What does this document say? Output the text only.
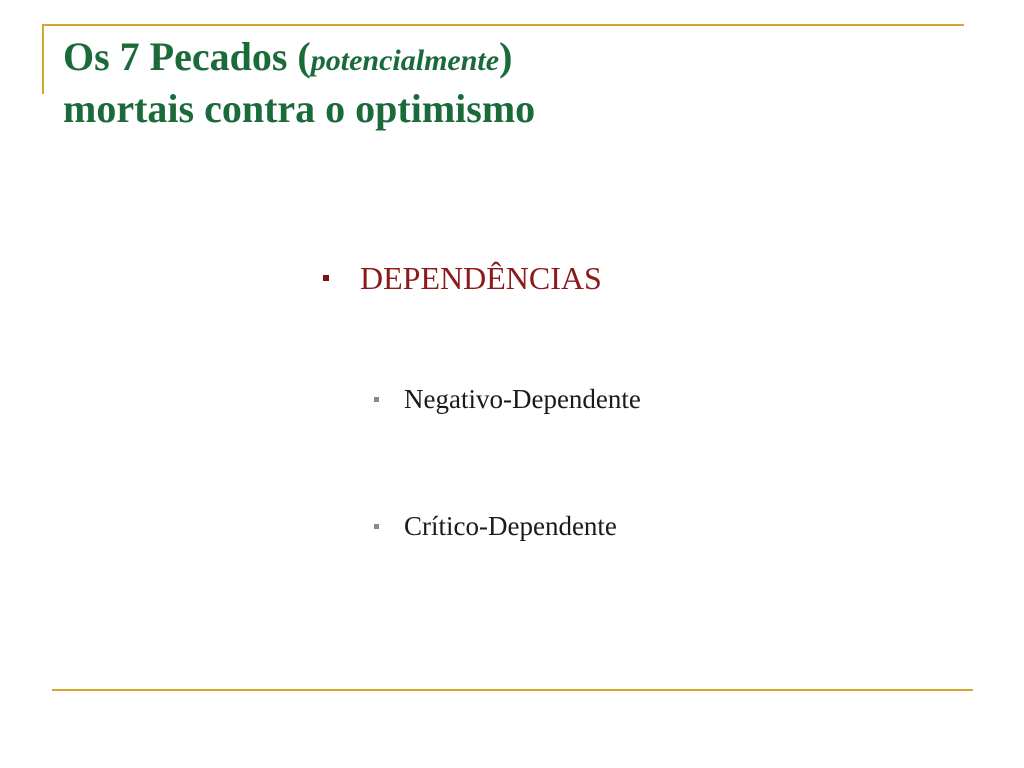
Os 7 Pecados (potencialmente)
mortais contra o optimismo
DEPENDÊNCIAS
Negativo-Dependente
Crítico-Dependente
